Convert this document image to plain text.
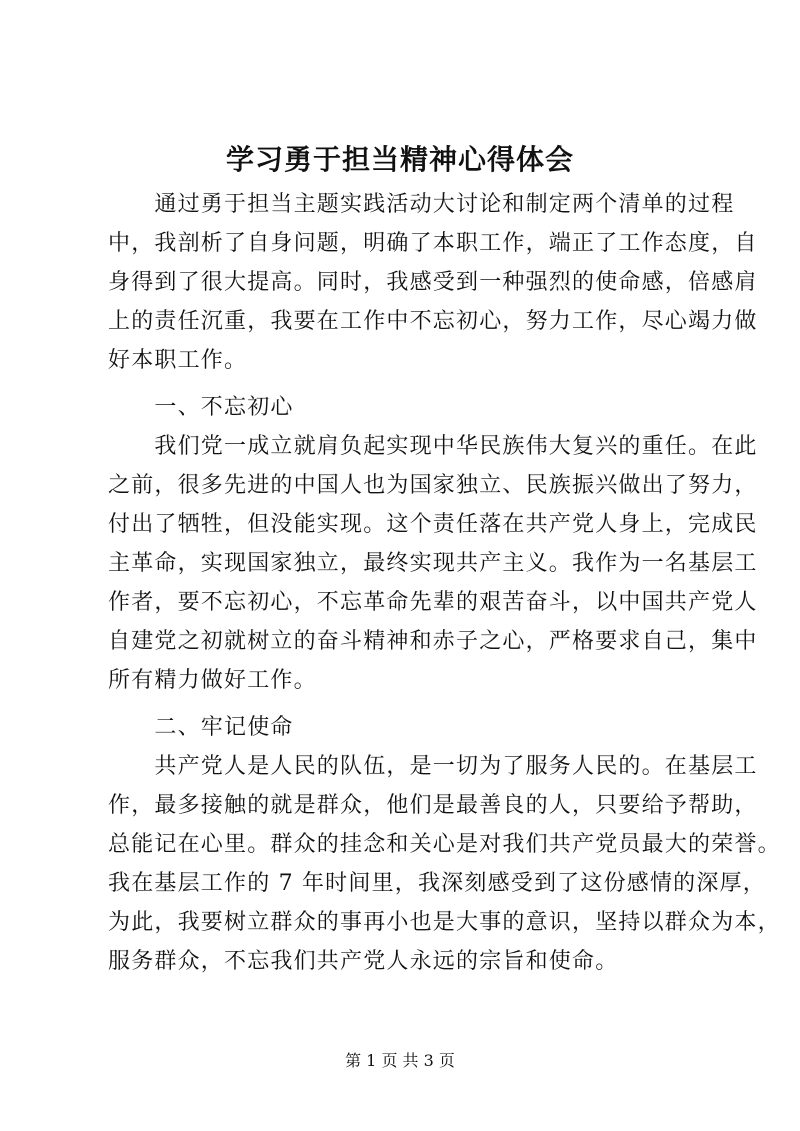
学习勇于担当精神心得体会
　　通过勇于担当主题实践活动大讨论和制定两个清单的过程
中，我剖析了自身问题，明确了本职工作，端正了工作态度，自
身得到了很大提高。同时，我感受到一种强烈的使命感，倍感肩
上的责任沉重，我要在工作中不忘初心，努力工作，尽心竭力做
好本职工作。
　　一、不忘初心
　　我们党一成立就肩负起实现中华民族伟大复兴的重任。在此
之前，很多先进的中国人也为国家独立、民族振兴做出了努力，
付出了牺牲，但没能实现。这个责任落在共产党人身上，完成民
主革命，实现国家独立，最终实现共产主义。我作为一名基层工
作者，要不忘初心，不忘革命先辈的艰苦奋斗，以中国共产党人
自建党之初就树立的奋斗精神和赤子之心，严格要求自己，集中
所有精力做好工作。
　　二、牢记使命
　　共产党人是人民的队伍，是一切为了服务人民的。在基层工
作，最多接触的就是群众，他们是最善良的人，只要给予帮助，
总能记在心里。群众的挂念和关心是对我们共产党员最大的荣誉。
我在基层工作的 7 年时间里，我深刻感受到了这份感情的深厚，
为此，我要树立群众的事再小也是大事的意识，坚持以群众为本，
服务群众，不忘我们共产党人永远的宗旨和使命。
第 1 页 共 3 页
